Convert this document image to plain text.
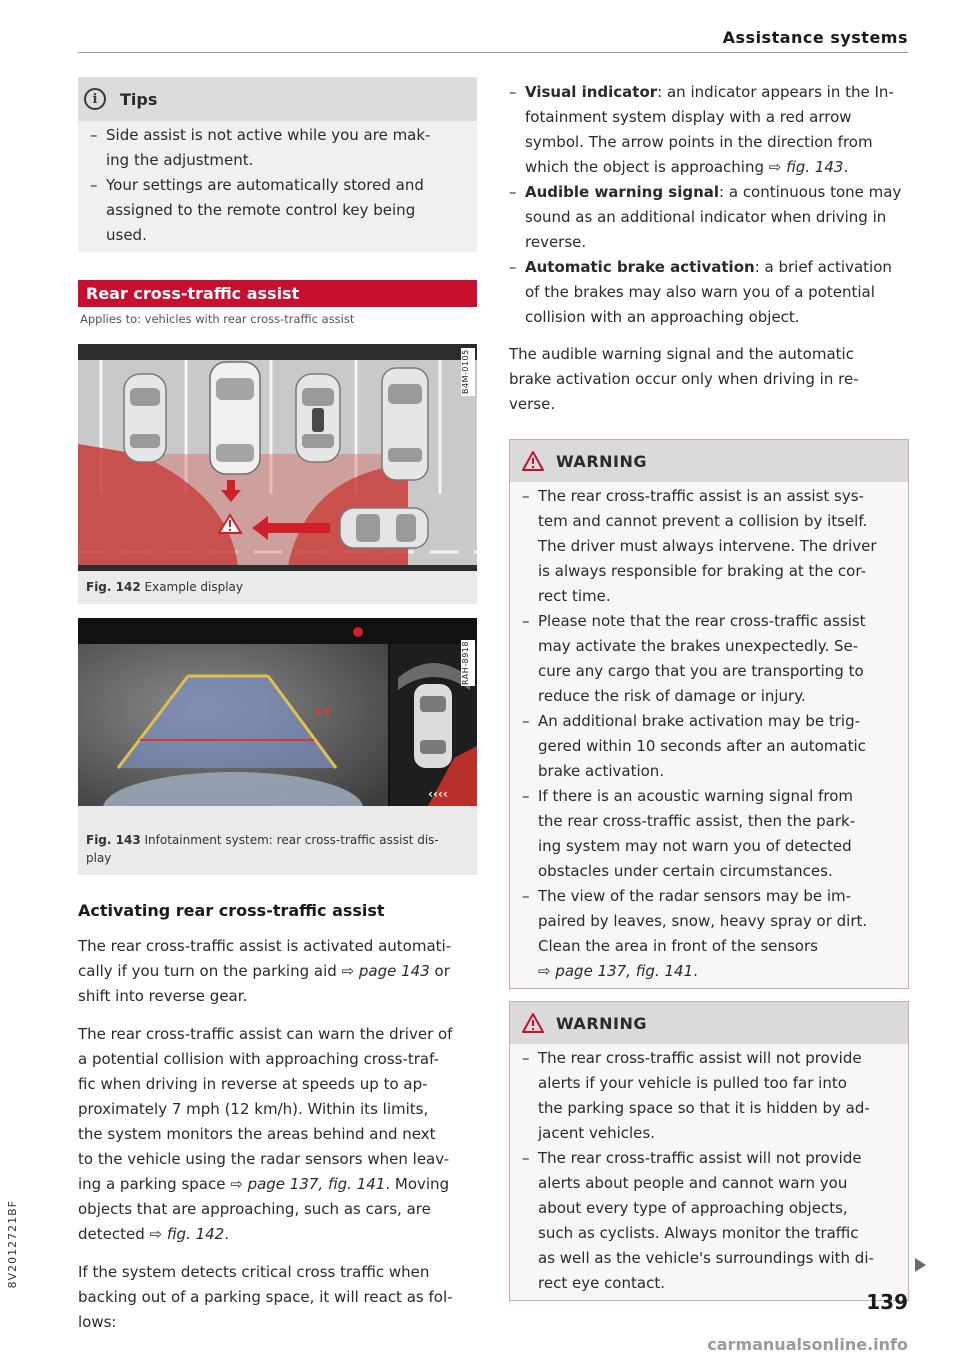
Assistance systems
i	Tips
– Side assist is not active while you are mak-
ing the adjustment.
– Your settings are automatically stored and
assigned to the remote control key being
used.
Rear cross-traffic assist
Applies to: vehicles with rear cross-traffic assist
B4M-0105
Fig. 142 Example display
‹‹
‹‹‹‹
RAH-8918

Fig. 143 Infotainment system: rear cross-traffic assist dis-
play

Activating rear cross-traffic assist
The rear cross-traffic assist is activated automati-
cally if you turn on the parking aid ⇨ page 143 or
shift into reverse gear.
The rear cross-traffic assist can warn the driver of
a potential collision with approaching cross-traf-
fic when driving in reverse at speeds up to ap-
proximately 7 mph (12 km/h). Within its limits,
the system monitors the areas behind and next
to the vehicle using the radar sensors when leav-
ing a parking space ⇨ page 137, fig. 141. Moving
objects that are approaching, such as cars, are
detected ⇨ fig. 142.
If the system detects critical cross traffic when
backing out of a parking space, it will react as fol-
lows:
– Visual indicator: an indicator appears in the In-
fotainment system display with a red arrow
symbol. The arrow points in the direction from
which the object is approaching ⇨ fig. 143.
– Audible warning signal: a continuous tone may
sound as an additional indicator when driving in
reverse.
– Automatic brake activation: a brief activation
of the brakes may also warn you of a potential
collision with an approaching object.
The audible warning signal and the automatic
brake activation occur only when driving in re-
verse.
WARNING
– The rear cross-traffic assist is an assist sys-
tem and cannot prevent a collision by itself.
The driver must always intervene. The driver
is always responsible for braking at the cor-
rect time.
– Please note that the rear cross-traffic assist
may activate the brakes unexpectedly. Se-
cure any cargo that you are transporting to
reduce the risk of damage or injury.
– An additional brake activation may be trig-
gered within 10 seconds after an automatic
brake activation.
– If there is an acoustic warning signal from
the rear cross-traffic assist, then the park-
ing system may not warn you of detected
obstacles under certain circumstances.
– The view of the radar sensors may be im-
paired by leaves, snow, heavy spray or dirt.
Clean the area in front of the sensors
⇨ page 137, fig. 141.
WARNING
– The rear cross-traffic assist will not provide
alerts if your vehicle is pulled too far into
the parking space so that it is hidden by ad-
jacent vehicles.
– The rear cross-traffic assist will not provide
alerts about people and cannot warn you
about every type of approaching objects,
such as cyclists. Always monitor the traffic
as well as the vehicle's surroundings with di-
rect eye contact.
139
8V2012721BF
carmanualsonline.info
